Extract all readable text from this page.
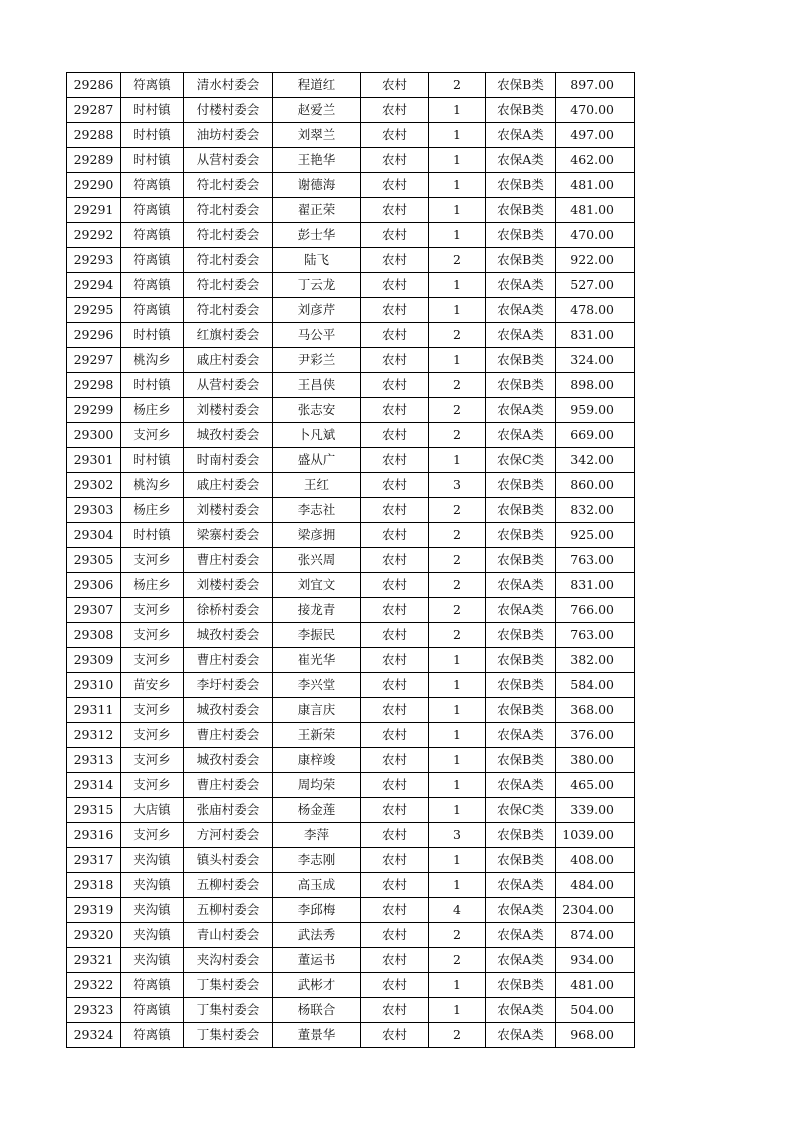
29286	符离镇	清水村委会	程道红	农村	2	农保B类	897.00
29287	时村镇	付楼村委会	赵爱兰	农村	1	农保B类	470.00
29288	时村镇	油坊村委会	刘翠兰	农村	1	农保A类	497.00
29289	时村镇	从营村委会	王艳华	农村	1	农保A类	462.00
29290	符离镇	符北村委会	谢德海	农村	1	农保B类	481.00
29291	符离镇	符北村委会	翟正荣	农村	1	农保B类	481.00
29292	符离镇	符北村委会	彭士华	农村	1	农保B类	470.00
29293	符离镇	符北村委会	陆飞	农村	2	农保B类	922.00
29294	符离镇	符北村委会	丁云龙	农村	1	农保A类	527.00
29295	符离镇	符北村委会	刘彦芹	农村	1	农保A类	478.00
29296	时村镇	红旗村委会	马公平	农村	2	农保A类	831.00
29297	桃沟乡	戚庄村委会	尹彩兰	农村	1	农保B类	324.00
29298	时村镇	从营村委会	王昌侠	农村	2	农保B类	898.00
29299	杨庄乡	刘楼村委会	张志安	农村	2	农保A类	959.00
29300	支河乡	城孜村委会	卜凡斌	农村	2	农保A类	669.00
29301	时村镇	时南村委会	盛从广	农村	1	农保C类	342.00
29302	桃沟乡	戚庄村委会	王红	农村	3	农保B类	860.00
29303	杨庄乡	刘楼村委会	李志社	农村	2	农保B类	832.00
29304	时村镇	梁寨村委会	梁彦拥	农村	2	农保B类	925.00
29305	支河乡	曹庄村委会	张兴周	农村	2	农保B类	763.00
29306	杨庄乡	刘楼村委会	刘宜文	农村	2	农保A类	831.00
29307	支河乡	徐桥村委会	接龙青	农村	2	农保A类	766.00
29308	支河乡	城孜村委会	李振民	农村	2	农保B类	763.00
29309	支河乡	曹庄村委会	崔光华	农村	1	农保B类	382.00
29310	苗安乡	李圩村委会	李兴堂	农村	1	农保B类	584.00
29311	支河乡	城孜村委会	康言庆	农村	1	农保B类	368.00
29312	支河乡	曹庄村委会	王新荣	农村	1	农保A类	376.00
29313	支河乡	城孜村委会	康梓竣	农村	1	农保B类	380.00
29314	支河乡	曹庄村委会	周均荣	农村	1	农保A类	465.00
29315	大店镇	张庙村委会	杨金莲	农村	1	农保C类	339.00
29316	支河乡	方河村委会	李萍	农村	3	农保B类	1039.00
29317	夹沟镇	镇头村委会	李志刚	农村	1	农保B类	408.00
29318	夹沟镇	五柳村委会	高玉成	农村	1	农保A类	484.00
29319	夹沟镇	五柳村委会	李邱梅	农村	4	农保A类	2304.00
29320	夹沟镇	青山村委会	武法秀	农村	2	农保A类	874.00
29321	夹沟镇	夹沟村委会	董运书	农村	2	农保A类	934.00
29322	符离镇	丁集村委会	武彬才	农村	1	农保B类	481.00
29323	符离镇	丁集村委会	杨联合	农村	1	农保A类	504.00
29324	符离镇	丁集村委会	董景华	农村	2	农保A类	968.00
